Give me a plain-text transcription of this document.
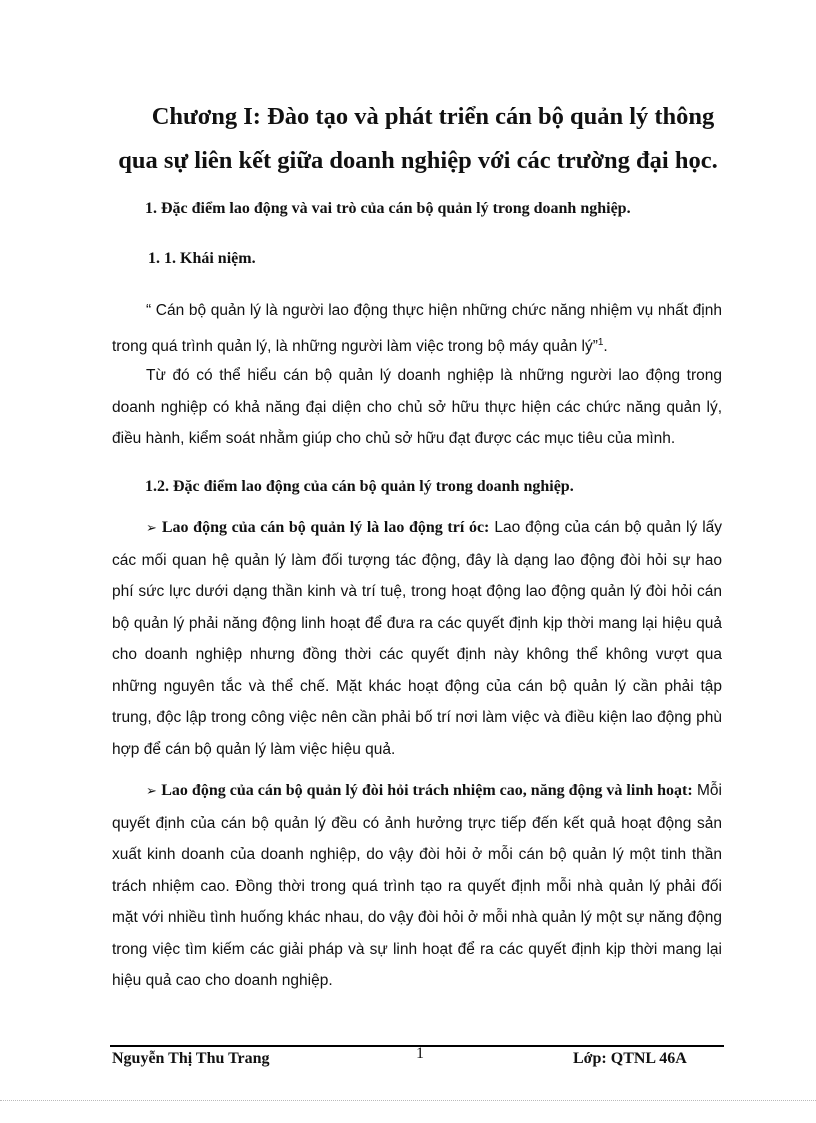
Chương I: Đào tạo và phát triển cán bộ quản lý thông
qua sự liên kết giữa doanh nghiệp với các trường đại học.
1. Đặc điểm lao động và vai trò của cán bộ quản lý trong doanh nghiệp.
1. 1. Khái niệm.
“ Cán bộ quản lý là người lao động thực hiện những chức năng nhiệm vụ nhất định trong quá trình quản lý, là những người làm việc trong bộ máy quản lý”$^1$.
Từ đó có thể hiểu cán bộ quản lý doanh nghiệp là những người lao động trong doanh nghiệp có khả năng đại diện cho chủ sở hữu thực hiện các chức năng quản lý, điều hành, kiểm soát nhằm giúp cho chủ sở hữu đạt được các mục tiêu của mình.
1.2. Đặc điểm lao động của cán bộ quản lý trong doanh nghiệp.
➢ Lao động của cán bộ quản lý là lao động trí óc: Lao động của cán bộ quản lý lấy các mối quan hệ quản lý làm đối tượng tác động, đây là dạng lao động đòi hỏi sự hao phí sức lực dưới dạng thần kinh và trí tuệ, trong hoạt động lao động quản lý đòi hỏi cán bộ quản lý phải năng động linh hoạt để đưa ra các quyết định kịp thời mang lại hiệu quả cho doanh nghiệp nhưng đồng thời các quyết định này không thể không vượt qua những nguyên tắc và thể chế. Mặt khác hoạt động của cán bộ quản lý cần phải tập trung, độc lập trong công việc nên cần phải bố trí nơi làm việc và điều kiện lao động phù hợp để cán bộ quản lý làm việc hiệu quả.
➢ Lao động của cán bộ quản lý đòi hỏi trách nhiệm cao, năng động và linh hoạt: Mỗi quyết định của cán bộ quản lý đều có ảnh hưởng trực tiếp đến kết quả hoạt động sản xuất kinh doanh của doanh nghiệp, do vậy đòi hỏi ở mỗi cán bộ quản lý một tinh thần trách nhiệm cao. Đồng thời trong quá trình tạo ra quyết định mỗi nhà quản lý phải đối mặt với nhiều tình huống khác nhau, do vậy đòi hỏi ở mỗi nhà quản lý một sự năng động trong việc tìm kiếm các giải pháp và sự linh hoạt để ra các quyết định kịp thời mang lại hiệu quả cao cho doanh nghiệp.
Nguyễn Thị Thu Trang	1	Lớp: QTNL 46A
